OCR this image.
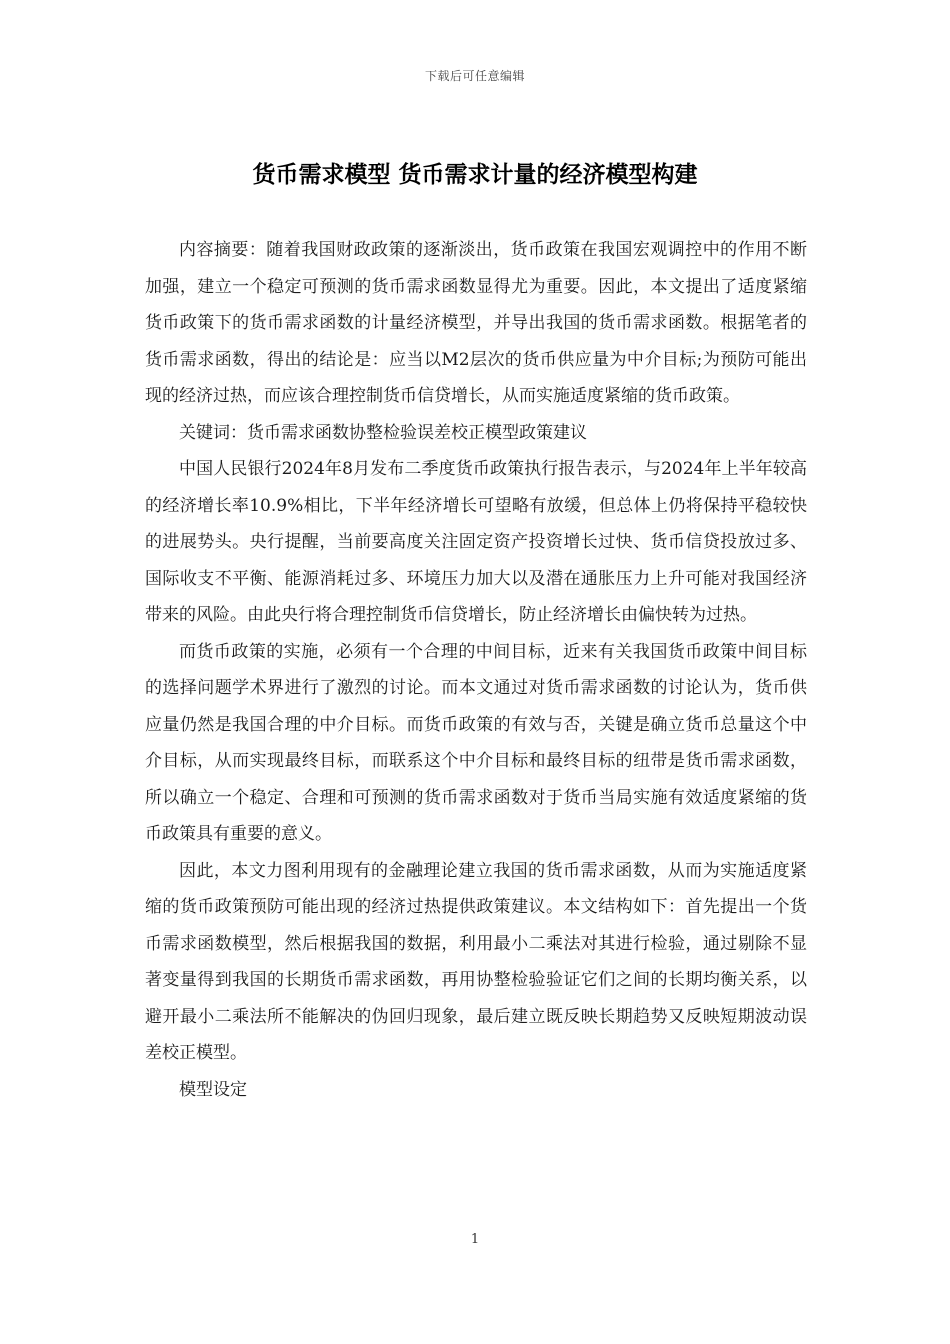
下载后可任意编辑
货币需求模型 货币需求计量的经济模型构建

内容摘要：随着我国财政政策的逐渐淡出，货币政策在我国宏观调控中的作用不断加强，建立一个稳定可预测的货币需求函数显得尤为重要。因此，本文提出了适度紧缩货币政策下的货币需求函数的计量经济模型，并导出我国的货币需求函数。根据笔者的货币需求函数，得出的结论是：应当以M2层次的货币供应量为中介目标;为预防可能出现的经济过热，而应该合理控制货币信贷增长，从而实施适度紧缩的货币政策。

关键词：货币需求函数协整检验误差校正模型政策建议

中国人民银行2024年8月发布二季度货币政策执行报告表示，与2024年上半年较高的经济增长率10.9%相比，下半年经济增长可望略有放缓，但总体上仍将保持平稳较快的进展势头。央行提醒，当前要高度关注固定资产投资增长过快、货币信贷投放过多、国际收支不平衡、能源消耗过多、环境压力加大以及潜在通胀压力上升可能对我国经济带来的风险。由此央行将合理控制货币信贷增长，防止经济增长由偏快转为过热。

而货币政策的实施，必须有一个合理的中间目标，近来有关我国货币政策中间目标的选择问题学术界进行了激烈的讨论。而本文通过对货币需求函数的讨论认为，货币供应量仍然是我国合理的中介目标。而货币政策的有效与否，关键是确立货币总量这个中介目标，从而实现最终目标，而联系这个中介目标和最终目标的纽带是货币需求函数，所以确立一个稳定、合理和可预测的货币需求函数对于货币当局实施有效适度紧缩的货币政策具有重要的意义。

因此，本文力图利用现有的金融理论建立我国的货币需求函数，从而为实施适度紧缩的货币政策预防可能出现的经济过热提供政策建议。本文结构如下：首先提出一个货币需求函数模型，然后根据我国的数据，利用最小二乘法对其进行检验，通过剔除不显著变量得到我国的长期货币需求函数，再用协整检验验证它们之间的长期均衡关系，以避开最小二乘法所不能解决的伪回归现象，最后建立既反映长期趋势又反映短期波动误差校正模型。

模型设定
1
